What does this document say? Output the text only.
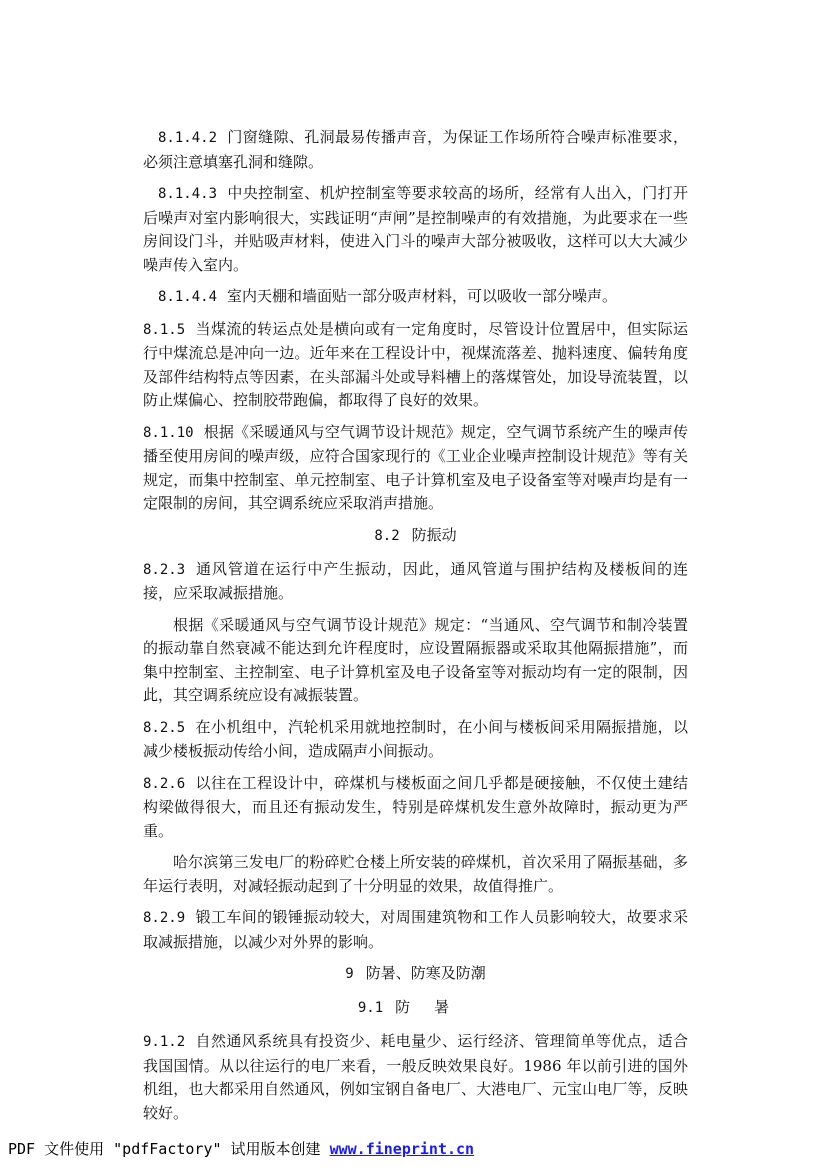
8.1.4.2 门窗缝隙、孔洞最易传播声音，为保证工作场所符合噪声标准要求，必须注意填塞孔洞和缝隙。

8.1.4.3 中央控制室、机炉控制室等要求较高的场所，经常有人出入，门打开后噪声对室内影响很大，实践证明“声闸”是控制噪声的有效措施，为此要求在一些房间设门斗，并贴吸声材料，使进入门斗的噪声大部分被吸收，这样可以大大减少噪声传入室内。

8.1.4.4 室内天棚和墙面贴一部分吸声材料，可以吸收一部分噪声。

8.1.5 当煤流的转运点处是横向或有一定角度时，尽管设计位置居中，但实际运行中煤流总是冲向一边。近年来在工程设计中，视煤流落差、抛料速度、偏转角度及部件结构特点等因素，在头部漏斗处或导料槽上的落煤管处，加设导流装置，以防止煤偏心、控制胶带跑偏，都取得了良好的效果。

8.1.10 根据《采暖通风与空气调节设计规范》规定，空气调节系统产生的噪声传播至使用房间的噪声级，应符合国家现行的《工业企业噪声控制设计规范》等有关规定，而集中控制室、单元控制室、电子计算机室及电子设备室等对噪声均是有一定限制的房间，其空调系统应采取消声措施。

8.2 防振动

8.2.3 通风管道在运行中产生振动，因此，通风管道与围护结构及楼板间的连接，应采取减振措施。

根据《采暖通风与空气调节设计规范》规定：“当通风、空气调节和制冷装置的振动靠自然衰减不能达到允许程度时，应设置隔振器或采取其他隔振措施”，而集中控制室、主控制室、电子计算机室及电子设备室等对振动均有一定的限制，因此，其空调系统应设有减振装置。

8.2.5 在小机组中，汽轮机采用就地控制时，在小间与楼板间采用隔振措施，以减少楼板振动传给小间，造成隔声小间振动。

8.2.6 以往在工程设计中，碎煤机与楼板面之间几乎都是硬接触，不仅使土建结构梁做得很大，而且还有振动发生，特别是碎煤机发生意外故障时，振动更为严重。

哈尔滨第三发电厂的粉碎贮仓楼上所安装的碎煤机，首次采用了隔振基础，多年运行表明，对减轻振动起到了十分明显的效果，故值得推广。

8.2.9 锻工车间的锻锤振动较大，对周围建筑物和工作人员影响较大，故要求采取减振措施，以减少对外界的影响。

9 防暑、防寒及防潮
9.1 防暑

9.1.2 自然通风系统具有投资少、耗电量少、运行经济、管理简单等优点，适合我国国情。从以往运行的电厂来看，一般反映效果良好。1986 年以前引进的国外机组，也大都采用自然通风，例如宝钢自备电厂、大港电厂、元宝山电厂等，反映较好。

PDF 文件使用 "pdfFactory" 试用版本创建 www.fineprint.cn
